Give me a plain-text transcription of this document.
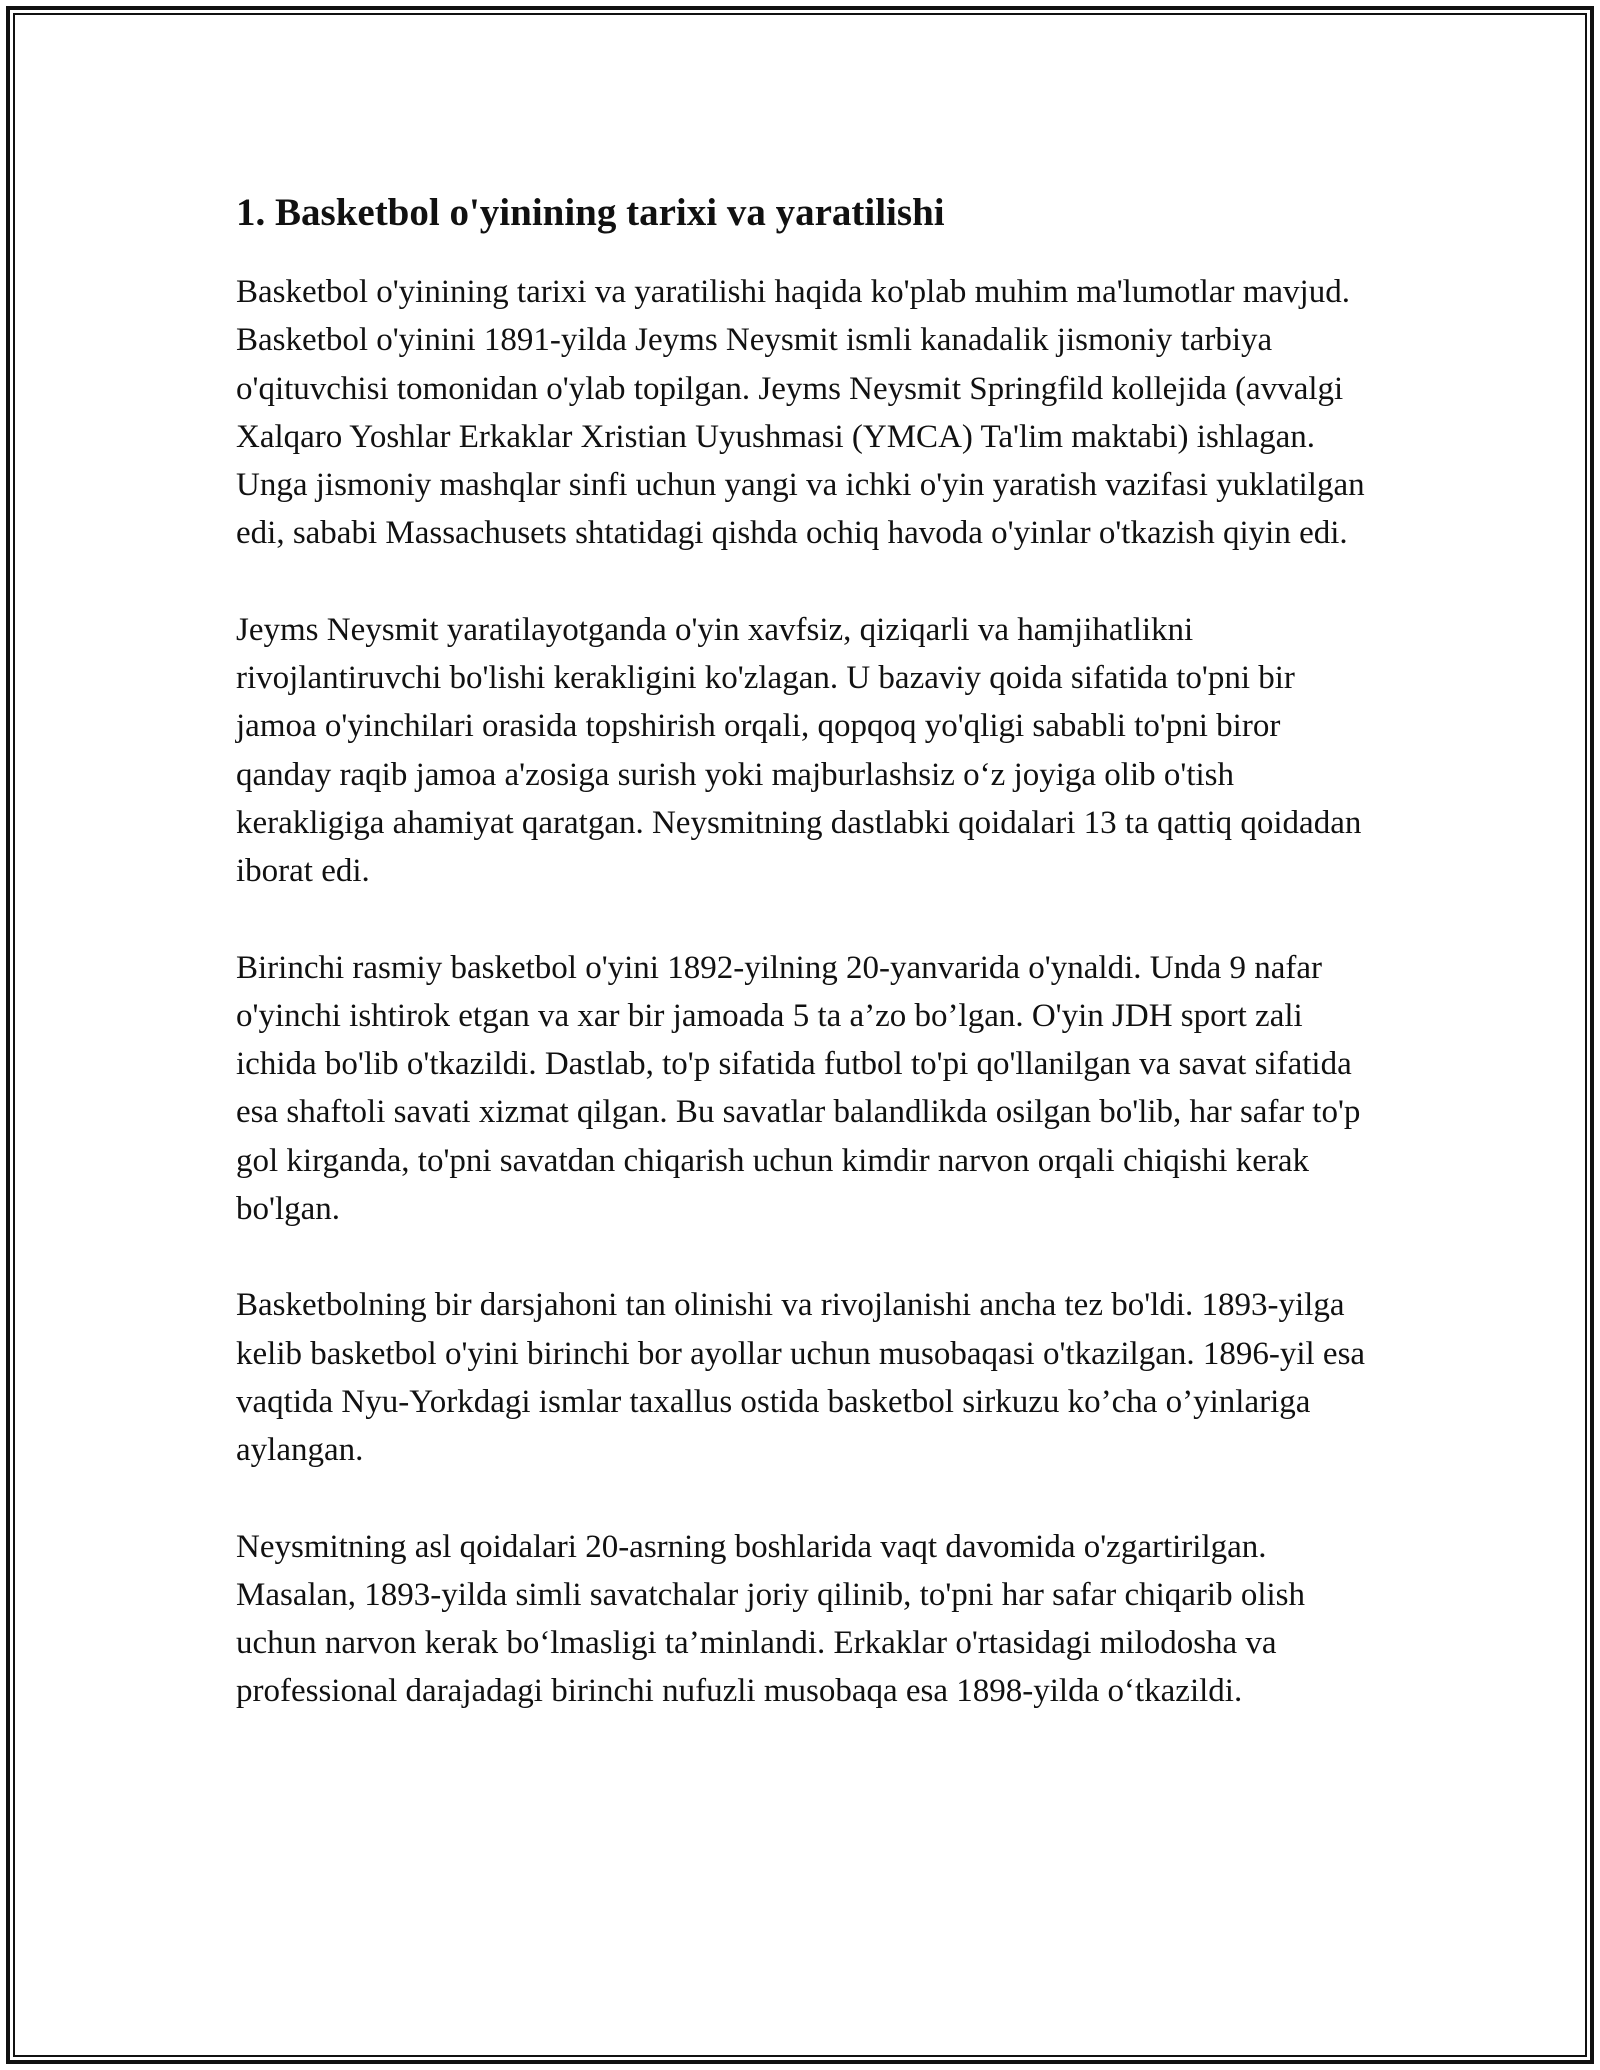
1. Basketbol o'yinining tarixi va yaratilishi

Basketbol o'yinining tarixi va yaratilishi haqida ko'plab muhim ma'lumotlar mavjud. Basketbol o'yinini 1891-yilda Jeyms Neysmit ismli kanadalik jismoniy tarbiya o'qituvchisi tomonidan o'ylab topilgan. Jeyms Neysmit Springfild kollejida (avvalgi Xalqaro Yoshlar Erkaklar Xristian Uyushmasi (YMCA) Ta'lim maktabi) ishlagan. Unga jismoniy mashqlar sinfi uchun yangi va ichki o'yin yaratish vazifasi yuklatilgan edi, sababi Massachusets shtatidagi qishda ochiq havoda o'yinlar o'tkazish qiyin edi.

Jeyms Neysmit yaratilayotganda o'yin xavfsiz, qiziqarli va hamjihatlikni rivojlantiruvchi bo'lishi kerakligini ko'zlagan. U bazaviy qoida sifatida to'pni bir jamoa o'yinchilari orasida topshirish orqali, qopqoq yo'qligi sababli to'pni biror qanday raqib jamoa a'zosiga surish yoki majburlashsiz o‘z joyiga olib o'tish kerakligiga ahamiyat qaratgan. Neysmitning dastlabki qoidalari 13 ta qattiq qoidadan iborat edi.

Birinchi rasmiy basketbol o'yini 1892-yilning 20-yanvarida o'ynaldi. Unda 9 nafar o'yinchi ishtirok etgan va xar bir jamoada 5 ta a’zo bo’lgan. O'yin JDH sport zali ichida bo'lib o'tkazildi. Dastlab, to'p sifatida futbol to'pi qo'llanilgan va savat sifatida esa shaftoli savati xizmat qilgan. Bu savatlar balandlikda osilgan bo'lib, har safar to'p gol kirganda, to'pni savatdan chiqarish uchun kimdir narvon orqali chiqishi kerak bo'lgan.

Basketbolning bir darsjahoni tan olinishi va rivojlanishi ancha tez bo'ldi. 1893-yilga kelib basketbol o'yini birinchi bor ayollar uchun musobaqasi o'tkazilgan. 1896-yil esa vaqtida Nyu-Yorkdagi ismlar taxallus ostida basketbol sirkuzu ko’cha o’yinlariga aylangan.

Neysmitning asl qoidalari 20-asrning boshlarida vaqt davomida o'zgartirilgan. Masalan, 1893-yilda simli savatchalar joriy qilinib, to'pni har safar chiqarib olish uchun narvon kerak bo‘lmasligi ta’minlandi. Erkaklar o'rtasidagi milodosha va professional darajadagi birinchi nufuzli musobaqa esa 1898-yilda o‘tkazildi.
